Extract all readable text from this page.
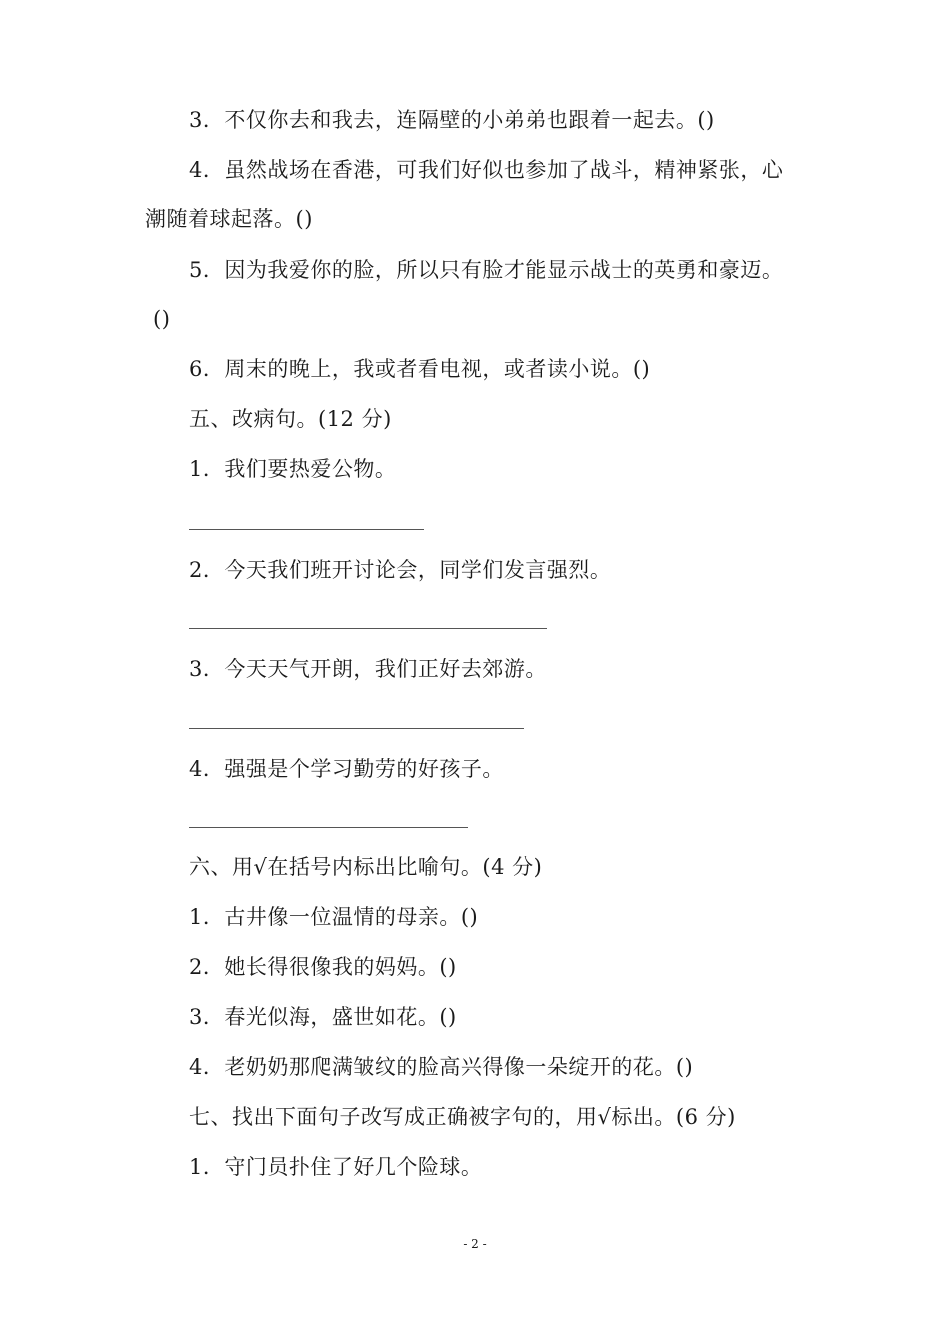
3．不仅你去和我去，连隔壁的小弟弟也跟着一起去。()
4．虽然战场在香港，可我们好似也参加了战斗，精神紧张，心
潮随着球起落。()
5．因为我爱你的脸，所以只有脸才能显示战士的英勇和豪迈。
()
6．周末的晚上，我或者看电视，或者读小说。()
五、改病句。(12 分)
1．我们要热爱公物。
2．今天我们班开讨论会，同学们发言强烈。
3．今天天气开朗，我们正好去郊游。
4．强强是个学习勤劳的好孩子。
六、用√在括号内标出比喻句。(4 分)
1．古井像一位温情的母亲。()
2．她长得很像我的妈妈。()
3．春光似海，盛世如花。()
4．老奶奶那爬满皱纹的脸高兴得像一朵绽开的花。()
七、找出下面句子改写成正确被字句的，用√标出。(6 分)
1．守门员扑住了好几个险球。
- 2 -
